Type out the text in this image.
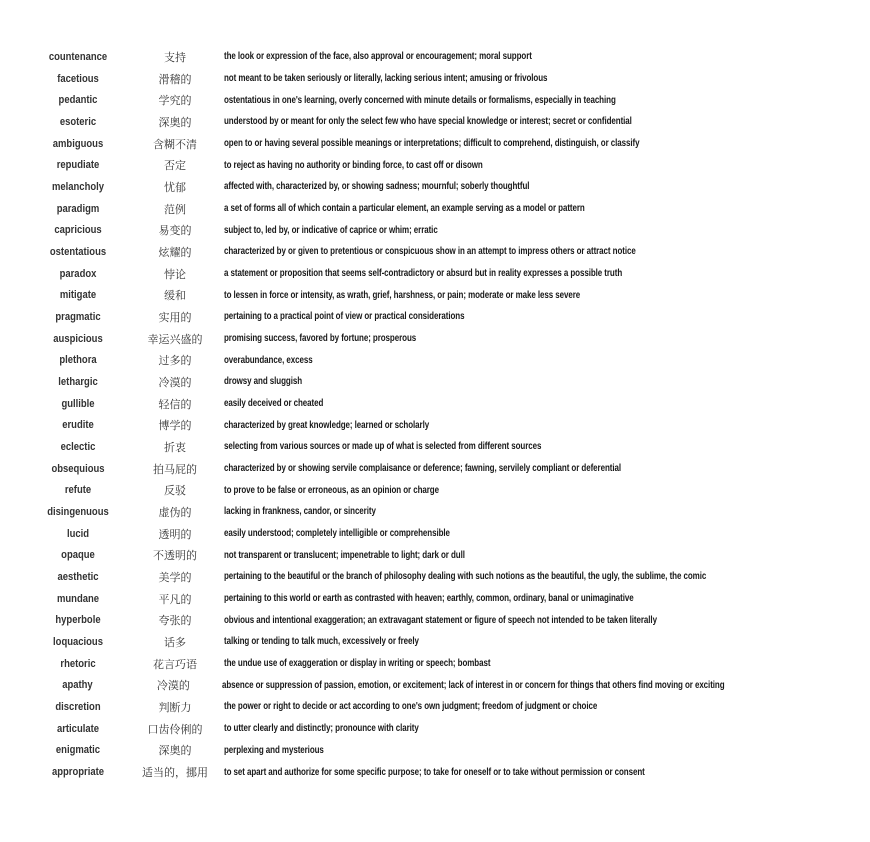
countenance	支持	the look or expression of the face, also approval or encouragement; moral support
facetious	滑稽的	not meant to be taken seriously or literally, lacking serious intent; amusing or frivolous
pedantic	学究的	ostentatious in one's learning, overly concerned with minute details or formalisms, especially in teaching
esoteric	深奥的	understood by or meant for only the select few who have special knowledge or interest; secret or confidential
ambiguous	含糊不清	open to or having several possible meanings or interpretations; difficult to comprehend, distinguish, or classify
repudiate	否定	to reject as having no authority or binding force, to cast off or disown
melancholy	忧郁	affected with, characterized by, or showing sadness; mournful; soberly thoughtful
paradigm	范例	a set of forms all of which contain a particular element, an example serving as a model or pattern
capricious	易变的	subject to, led by, or indicative of caprice or whim; erratic
ostentatious	炫耀的	characterized by or given to pretentious or conspicuous show in an attempt to impress others or attract notice
paradox	悖论	a statement or proposition that seems self-contradictory or absurd but in reality expresses a possible truth
mitigate	缓和	to lessen in force or intensity, as wrath, grief, harshness, or pain; moderate or make less severe
pragmatic	实用的	pertaining to a practical point of view or practical considerations
auspicious	幸运兴盛的	promising success, favored by fortune; prosperous
plethora	过多的	overabundance, excess
lethargic	冷漠的	drowsy and sluggish
gullible	轻信的	easily deceived or cheated
erudite	博学的	characterized by great knowledge; learned or scholarly
eclectic	折衷	selecting from various sources or made up of what is selected from different sources
obsequious	拍马屁的	characterized by or showing servile complaisance or deference; fawning, servilely compliant or deferential
refute	反驳	to prove to be false or erroneous, as an opinion or charge
disingenuous	虚伪的	lacking in frankness, candor, or sincerity
lucid	透明的	easily understood; completely intelligible or comprehensible
opaque	不透明的	not transparent or translucent; impenetrable to light; dark or dull
aesthetic	美学的	pertaining to the beautiful or the branch of philosophy dealing with such notions as the beautiful, the ugly, the sublime, the comic
mundane	平凡的	pertaining to this world or earth as contrasted with heaven; earthly, common, ordinary, banal or unimaginative
hyperbole	夸张的	obvious and intentional exaggeration; an extravagant statement or figure of speech not intended to be taken literally
loquacious	话多	talking or tending to talk much, excessively or freely
rhetoric	花言巧语	the undue use of exaggeration or display in writing or speech; bombast
apathy	冷漠的	absence or suppression of passion, emotion, or excitement; lack of interest in or concern for things that others find moving or exciting
discretion	判断力	the power or right to decide or act according to one's own judgment; freedom of judgment or choice
articulate	口齿伶俐的	to utter clearly and distinctly; pronounce with clarity
enigmatic	深奥的	perplexing and mysterious
appropriate	适当的，挪用	to set apart and authorize for some specific purpose; to take for oneself or to take without permission or consent
